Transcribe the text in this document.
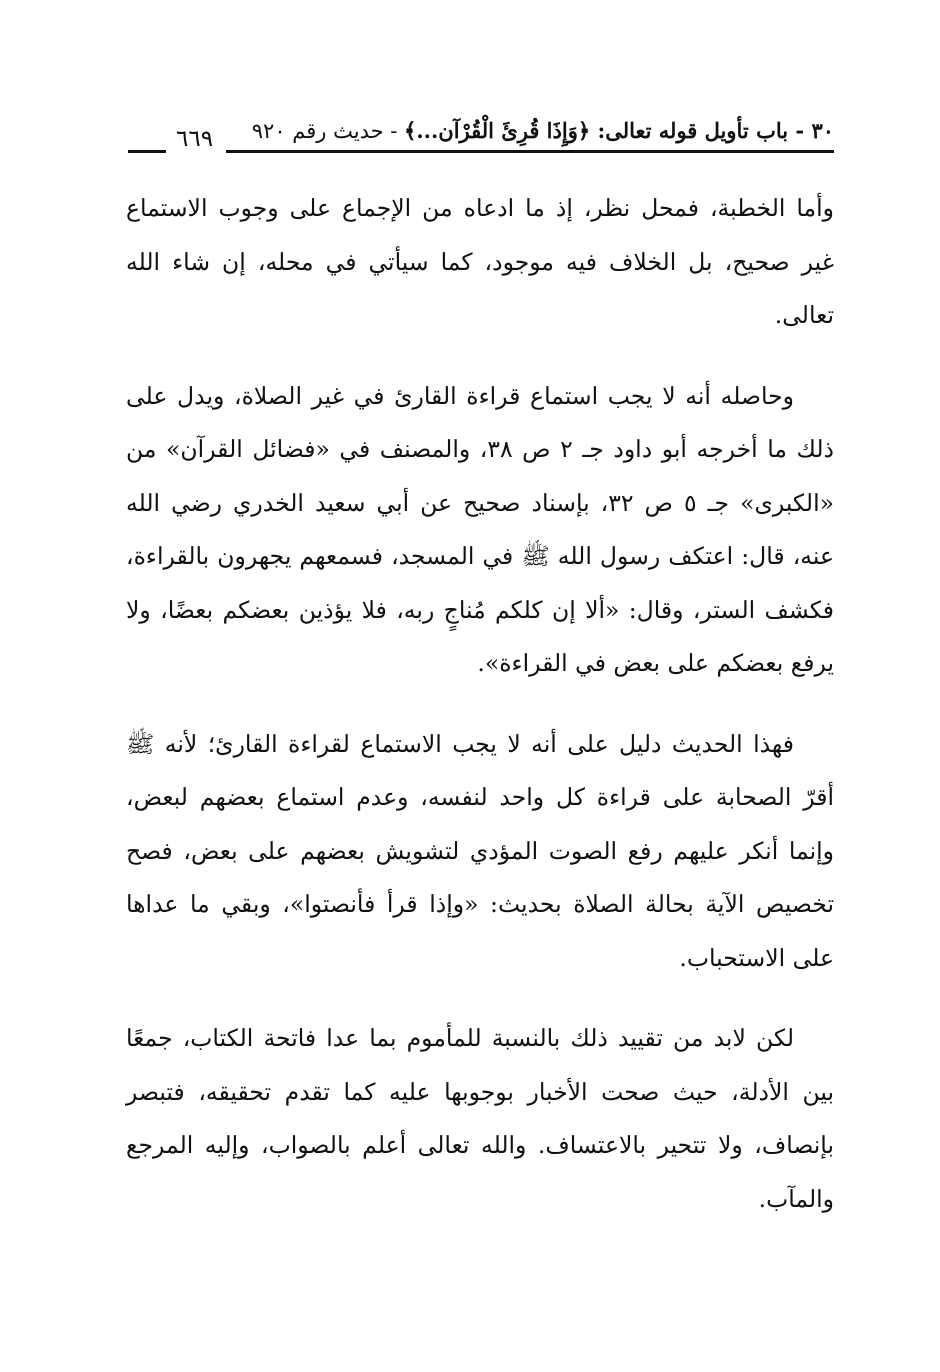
٣٠ - باب تأويل قوله تعالى: ﴿وَإِذَا قُرِئَ الْقُرْآن...﴾ - حديث رقم ٩٢٠
٦٦٩

وأما الخطبة، فمحل نظر، إذ ما ادعاه من الإجماع على وجوب الاستماع غير صحيح، بل الخلاف فيه موجود، كما سيأتي في محله، إن شاء الله تعالى.

وحاصله أنه لا يجب استماع قراءة القارئ في غير الصلاة، ويدل على ذلك ما أخرجه أبو داود جـ ٢ ص ٣٨، والمصنف في «فضائل القرآن» من «الكبرى» جـ ٥ ص ٣٢، بإسناد صحيح عن أبي سعيد الخدري رضي الله عنه، قال: اعتكف رسول الله ﷺ في المسجد، فسمعهم يجهرون بالقراءة، فكشف الستر، وقال: «ألا إن كلكم مُناجٍ ربه، فلا يؤذين بعضكم بعضًا، ولا يرفع بعضكم على بعض في القراءة».

فهذا الحديث دليل على أنه لا يجب الاستماع لقراءة القارئ؛ لأنه ﷺ أقرّ الصحابة على قراءة كل واحد لنفسه، وعدم استماع بعضهم لبعض، وإنما أنكر عليهم رفع الصوت المؤدي لتشويش بعضهم على بعض، فصح تخصيص الآية بحالة الصلاة بحديث: «وإذا قرأ فأنصتوا»، وبقي ما عداها على الاستحباب.

لكن لابد من تقييد ذلك بالنسبة للمأموم بما عدا فاتحة الكتاب، جمعًا بين الأدلة، حيث صحت الأخبار بوجوبها عليه كما تقدم تحقيقه، فتبصر بإنصاف، ولا تتحير بالاعتساف. والله تعالى أعلم بالصواب، وإليه المرجع والمآب.
